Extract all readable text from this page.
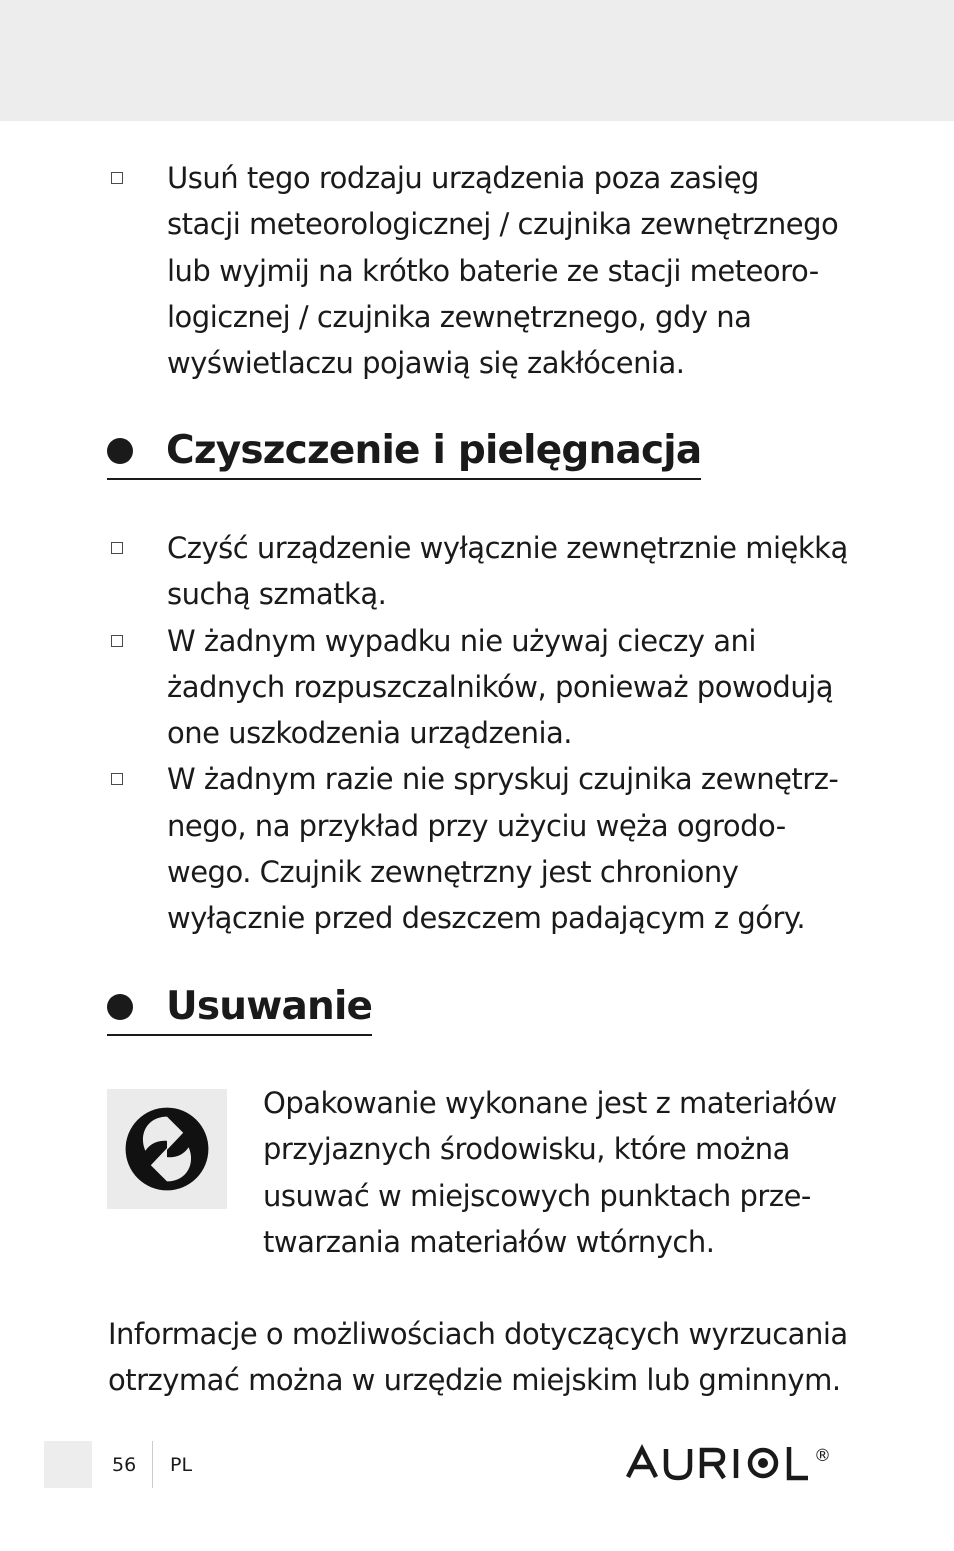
Usuń tego rodzaju urządzenia poza zasięg
stacji meteorologicznej / czujnika zewnętrznego
lub wyjmij na krótko baterie ze stacji meteoro-
logicznej / czujnika zewnętrznego, gdy na
wyświetlaczu pojawią się zakłócenia.
Czyszczenie i pielęgnacja
Czyść urządzenie wyłącznie zewnętrznie miękką
suchą szmatką.
W żadnym wypadku nie używaj cieczy ani
żadnych rozpuszczalników, ponieważ powodują
one uszkodzenia urządzenia.
W żadnym razie nie spryskuj czujnika zewnętrz-
nego, na przykład przy użyciu węża ogrodo-
wego. Czujnik zewnętrzny jest chroniony
wyłącznie przed deszczem padającym z góry.
Usuwanie
Opakowanie wykonane jest z materiałów
przyjaznych środowisku, które można
usuwać w miejscowych punktach prze-
twarzania materiałów wtórnych.
Informacje o możliwościach dotyczących wyrzucania
otrzymać można w urzędzie miejskim lub gminnym.
56 PL	®
